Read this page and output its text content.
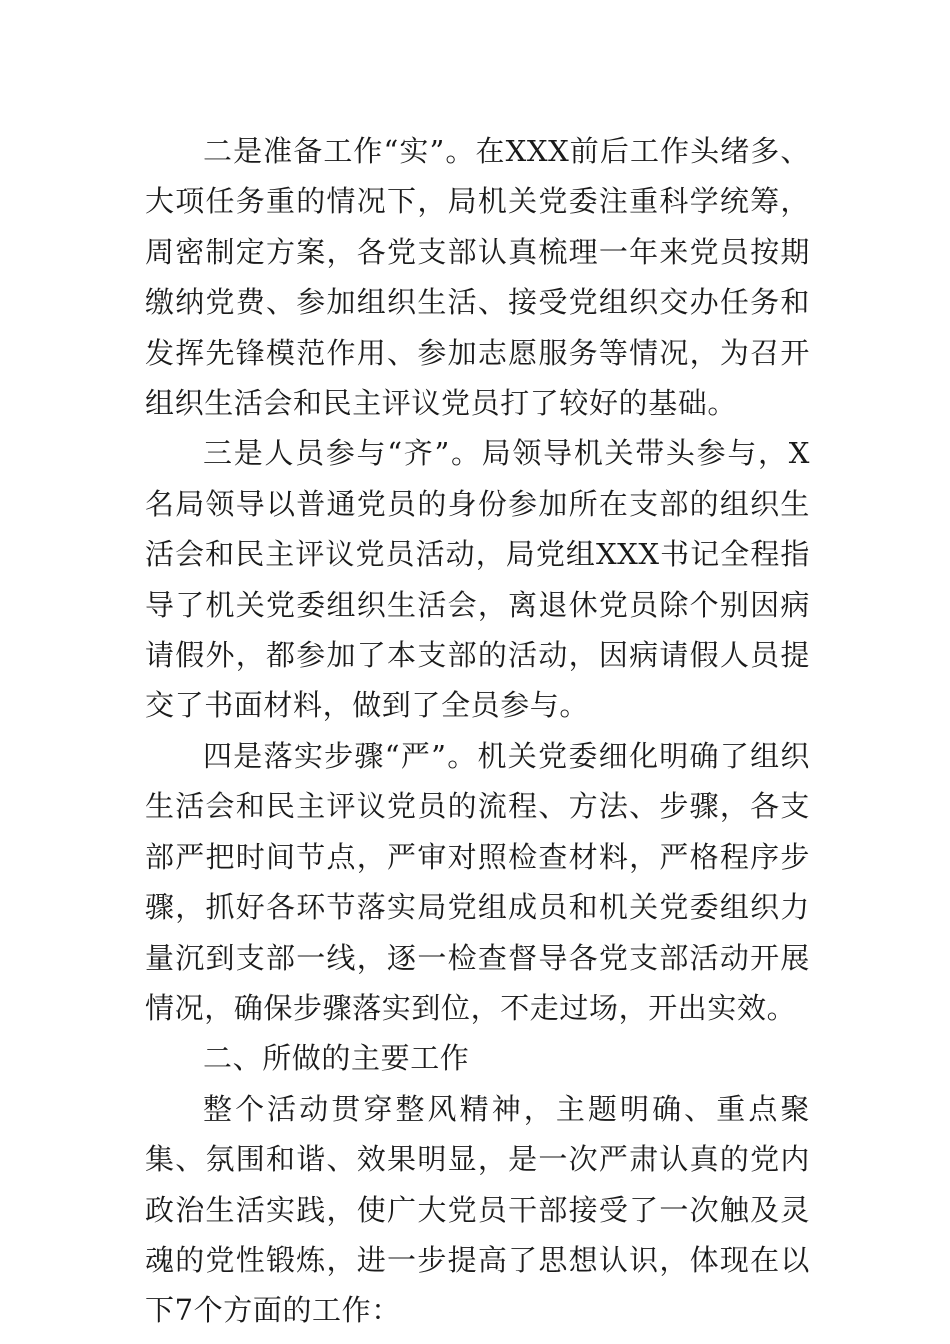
二是准备工作“实”。在XXX前后工作头绪多、大项任务重的情况下，局机关党委注重科学统筹，周密制定方案，各党支部认真梳理一年来党员按期缴纳党费、参加组织生活、接受党组织交办任务和发挥先锋模范作用、参加志愿服务等情况，为召开组织生活会和民主评议党员打了较好的基础。

三是人员参与“齐”。局领导机关带头参与，X名局领导以普通党员的身份参加所在支部的组织生活会和民主评议党员活动，局党组XXX书记全程指导了机关党委组织生活会，离退休党员除个别因病请假外，都参加了本支部的活动，因病请假人员提交了书面材料，做到了全员参与。

四是落实步骤“严”。机关党委细化明确了组织生活会和民主评议党员的流程、方法、步骤，各支部严把时间节点，严审对照检查材料，严格程序步骤，抓好各环节落实局党组成员和机关党委组织力量沉到支部一线，逐一检查督导各党支部活动开展情况，确保步骤落实到位，不走过场，开出实效。

二、所做的主要工作

整个活动贯穿整风精神，主题明确、重点聚集、氛围和谐、效果明显，是一次严肃认真的党内政治生活实践，使广大党员干部接受了一次触及灵魂的党性锻炼，进一步提高了思想认识，体现在以下7个方面的工作：
